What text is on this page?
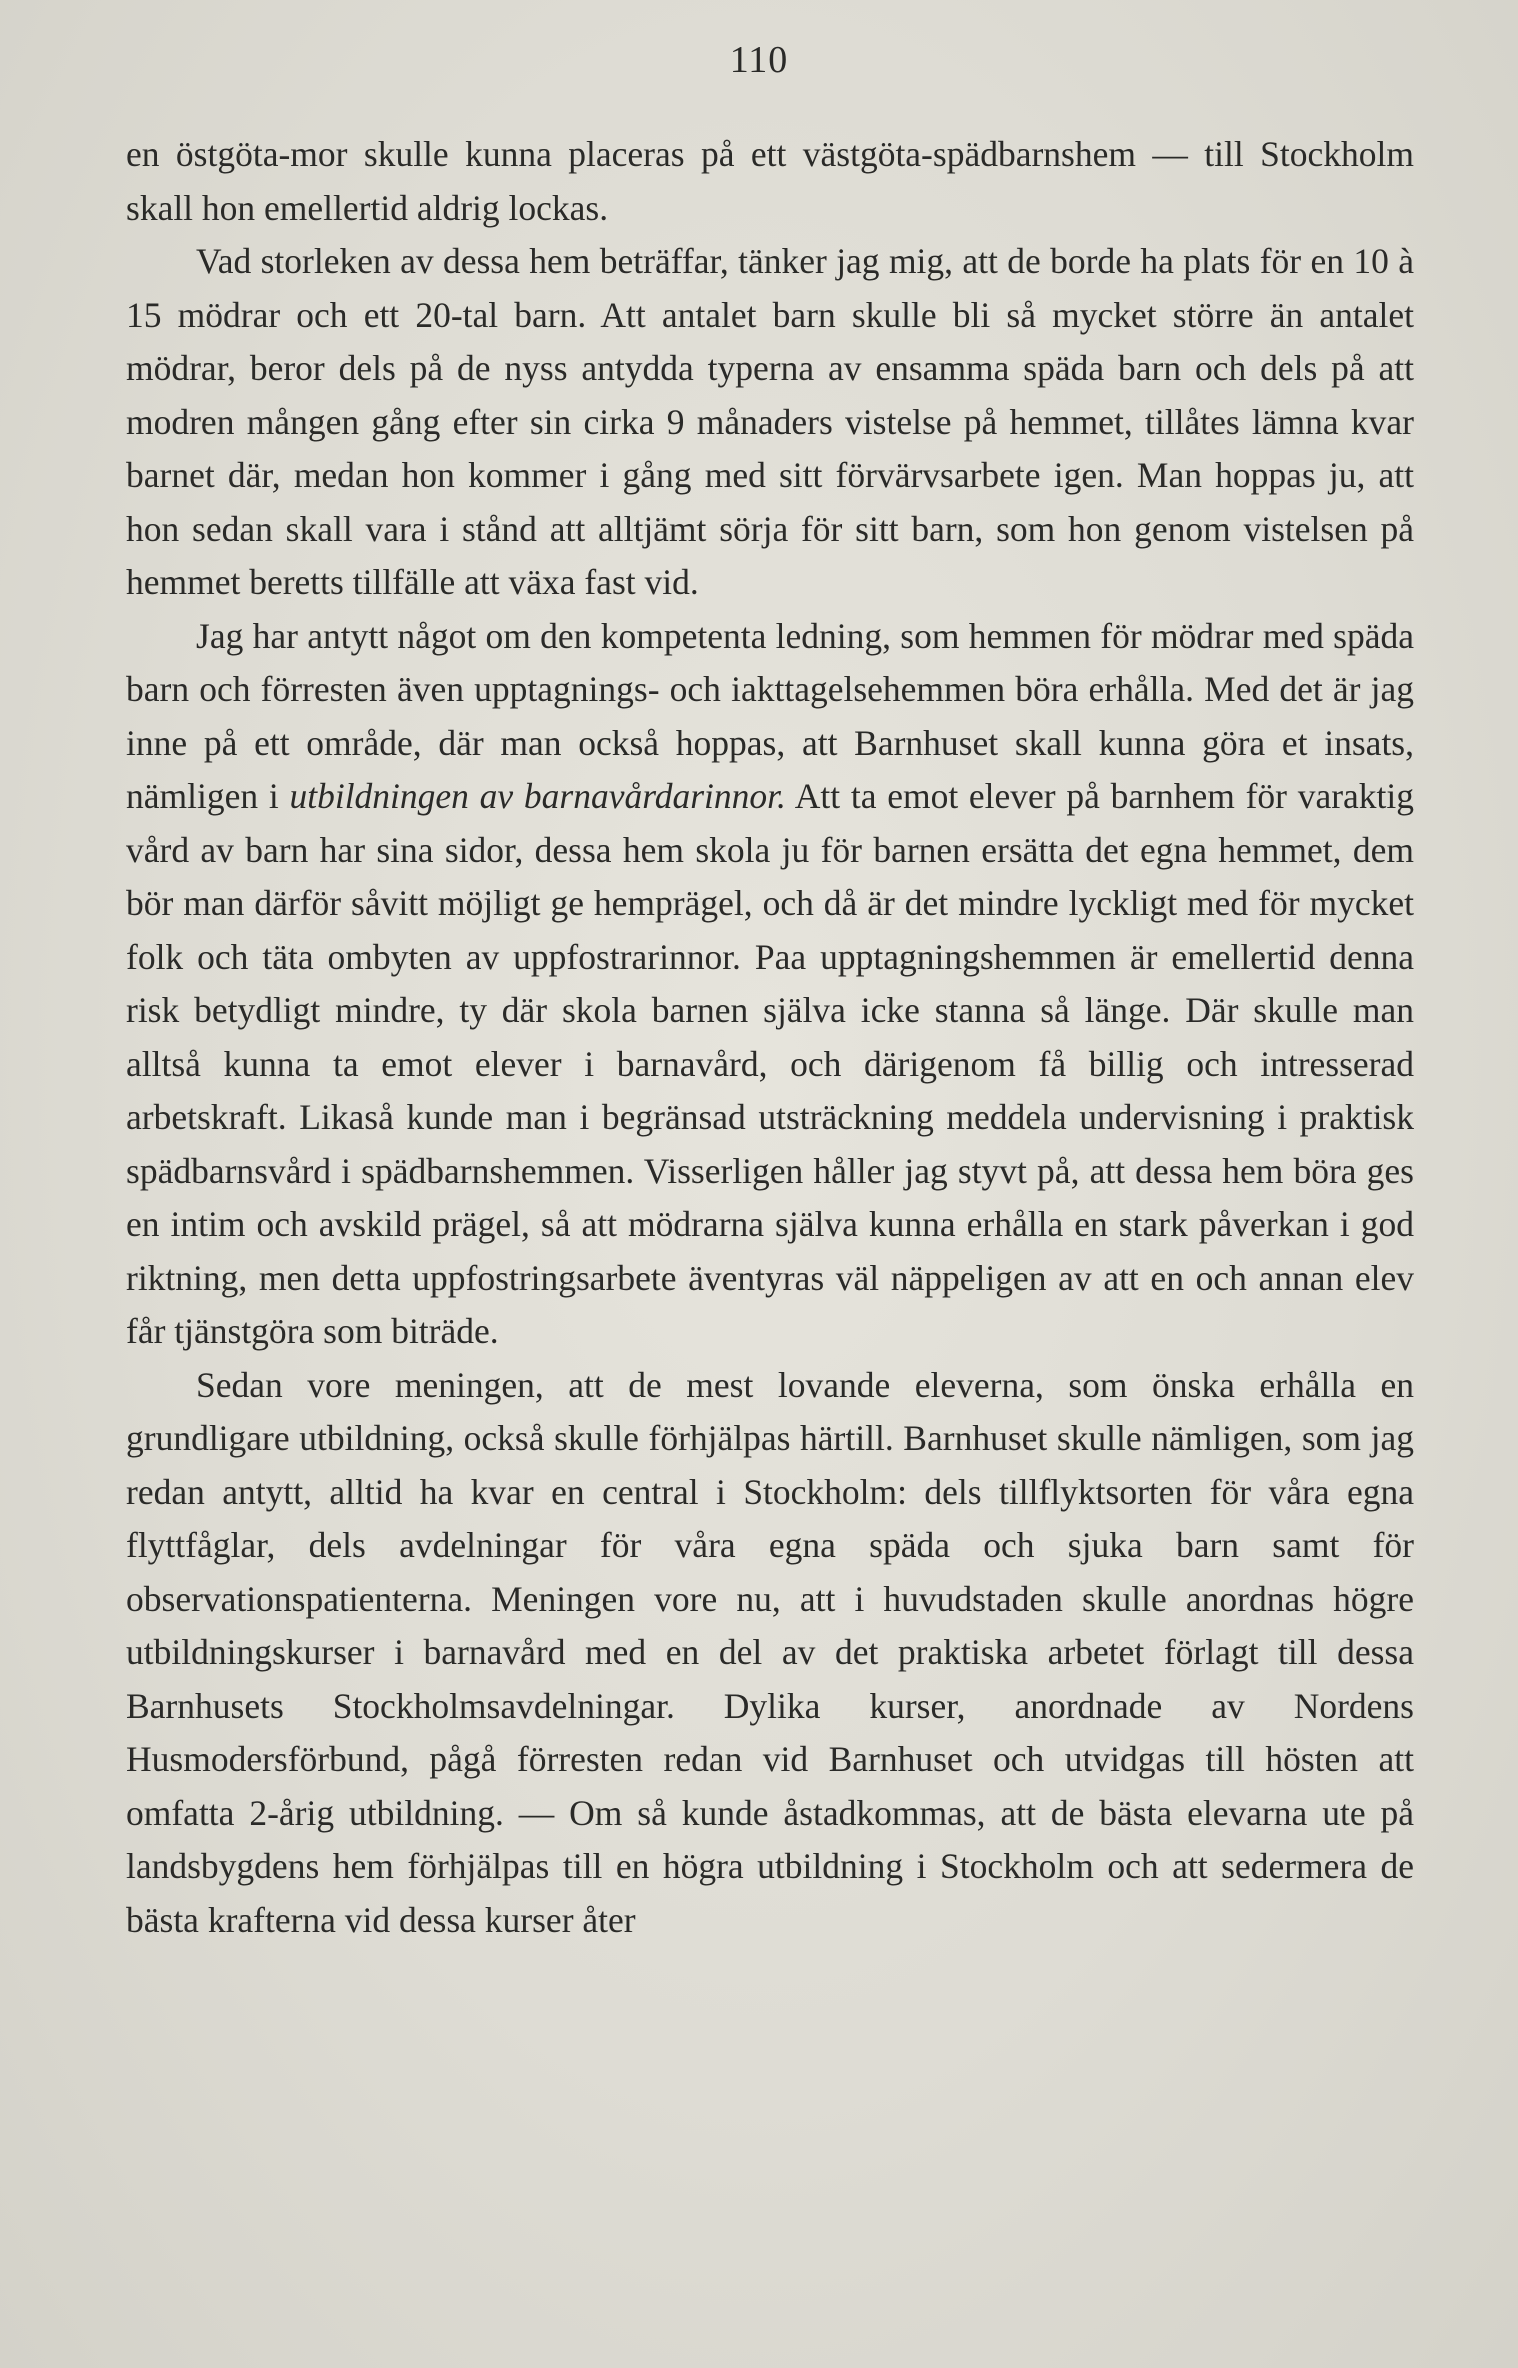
110

en östgöta-mor skulle kunna placeras på ett västgöta-spädbarnshem — till Stockholm skall hon emellertid aldrig lockas.

Vad storleken av dessa hem beträffar, tänker jag mig, att de borde ha plats för en 10 à 15 mödrar och ett 20-tal barn. Att antalet barn skulle bli så mycket större än antalet mödrar, beror dels på de nyss antydda typerna av ensamma späda barn och dels på att modren mången gång efter sin cirka 9 månaders vistelse på hemmet, tillåtes lämna kvar barnet där, medan hon kommer i gång med sitt förvärvsarbete igen. Man hoppas ju, att hon sedan skall vara i stånd att alltjämt sörja för sitt barn, som hon genom vistelsen på hemmet beretts tillfälle att växa fast vid.

Jag har antytt något om den kompetenta ledning, som hemmen för mödrar med späda barn och förresten även upptagnings- och iakttagelsehemmen böra erhålla. Med det är jag inne på ett område, där man också hoppas, att Barnhuset skall kunna göra et insats, nämligen i utbildningen av barnavårdarinnor. Att ta emot elever på barnhem för varaktig vård av barn har sina sidor, dessa hem skola ju för barnen ersätta det egna hemmet, dem bör man därför såvitt möjligt ge hemprägel, och då är det mindre lyckligt med för mycket folk och täta ombyten av uppfostrarinnor. Paa upptagningshemmen är emellertid denna risk betydligt mindre, ty där skola barnen själva icke stanna så länge. Där skulle man alltså kunna ta emot elever i barnavård, och därigenom få billig och intresserad arbetskraft. Likaså kunde man i begränsad utsträckning meddela undervisning i praktisk spädbarnsvård i spädbarnshemmen. Visserligen håller jag styvt på, att dessa hem böra ges en intim och avskild prägel, så att mödrarna själva kunna erhålla en stark påverkan i god riktning, men detta uppfostringsarbete äventyras väl näppeligen av att en och annan elev får tjänstgöra som biträde.

Sedan vore meningen, att de mest lovande eleverna, som önska erhålla en grundligare utbildning, också skulle förhjälpas härtill. Barnhuset skulle nämligen, som jag redan antytt, alltid ha kvar en central i Stockholm: dels tillflyktsorten för våra egna flyttfåglar, dels avdelningar för våra egna späda och sjuka barn samt för observationspatienterna. Meningen vore nu, att i huvudstaden skulle anordnas högre utbildningskurser i barnavård med en del av det praktiska arbetet förlagt till dessa Barnhusets Stockholmsavdelningar. Dylika kurser, anordnade av Nordens Husmodersförbund, pågå förresten redan vid Barnhuset och utvidgas till hösten att omfatta 2-årig utbildning. — Om så kunde åstadkommas, att de bästa elevarna ute på landsbygdens hem förhjälpas till en högra utbildning i Stockholm och att sedermera de bästa krafterna vid dessa kurser åter
